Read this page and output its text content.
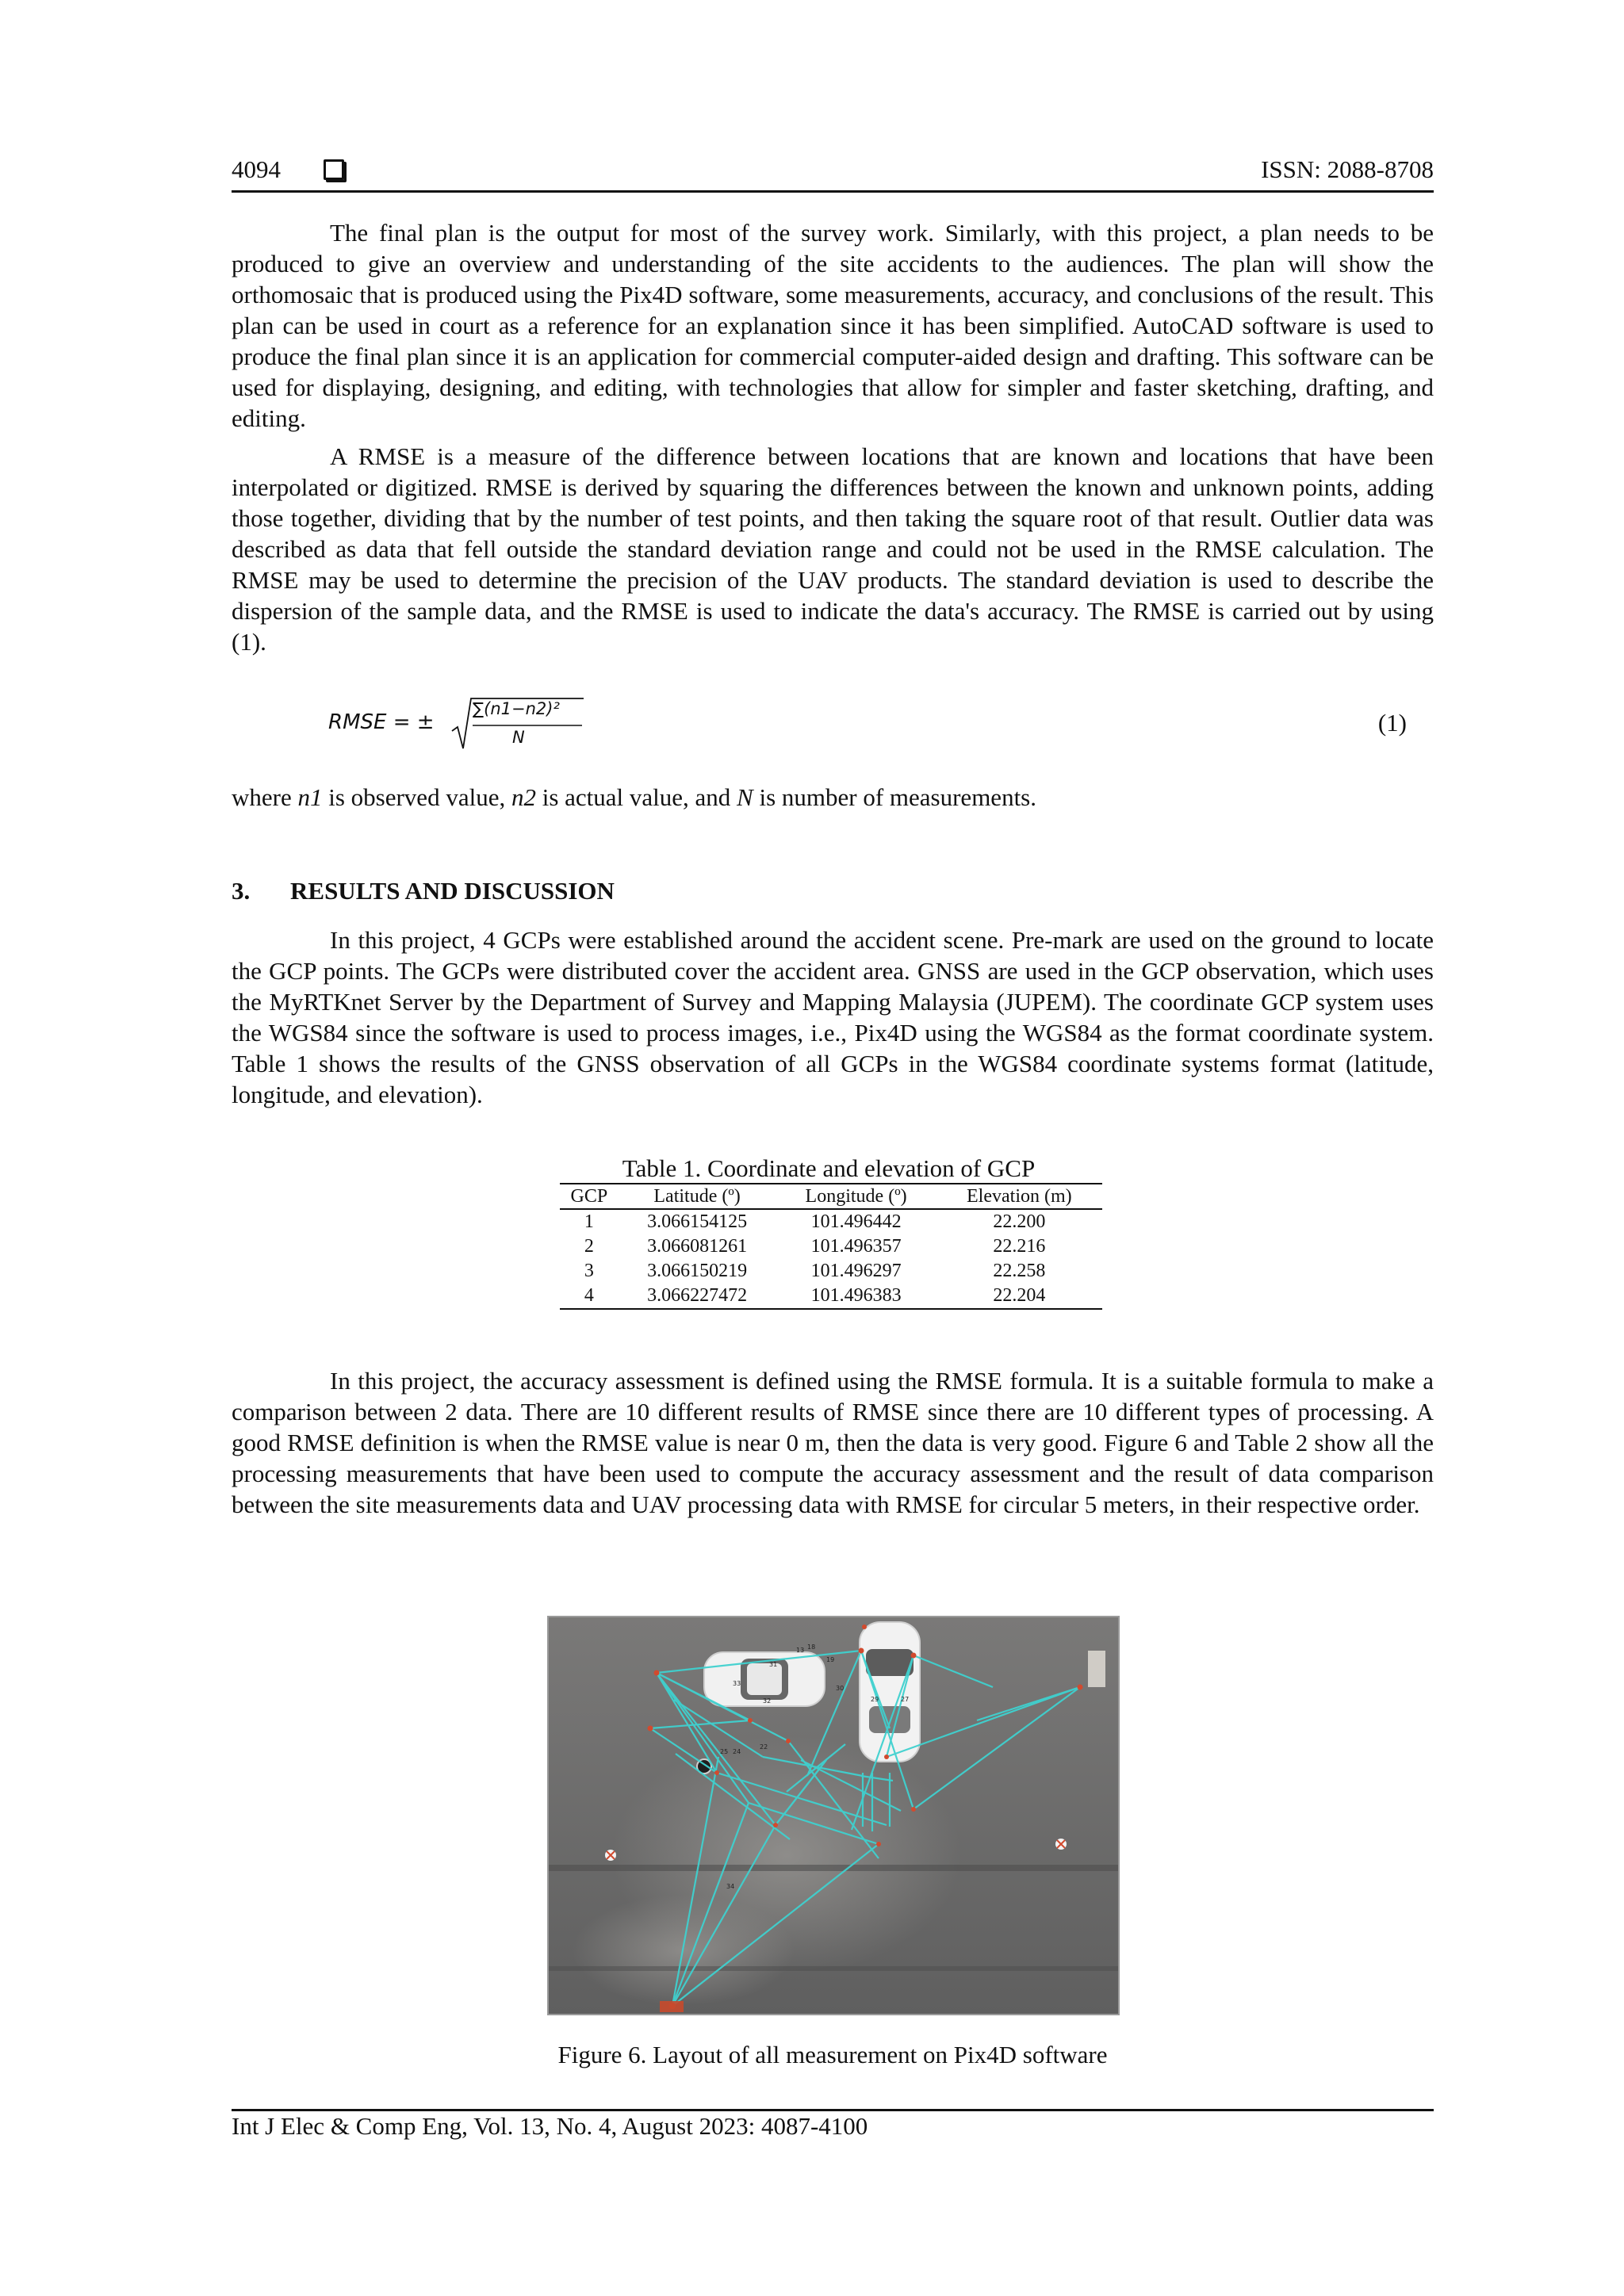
4094	ISSN: 2088-8708

The final plan is the output for most of the survey work. Similarly, with this project, a plan needs to be produced to give an overview and understanding of the site accidents to the audiences. The plan will show the orthomosaic that is produced using the Pix4D software, some measurements, accuracy, and conclusions of the result. This plan can be used in court as a reference for an explanation since it has been simplified. AutoCAD software is used to produce the final plan since it is an application for commercial computer-aided design and drafting. This software can be used for displaying, designing, and editing, with technologies that allow for simpler and faster sketching, drafting, and editing.

A RMSE is a measure of the difference between locations that are known and locations that have been interpolated or digitized. RMSE is derived by squaring the differences between the known and unknown points, adding those together, dividing that by the number of test points, and then taking the square root of that result. Outlier data was described as data that fell outside the standard deviation range and could not be used in the RMSE calculation. The RMSE may be used to determine the precision of the UAV products. The standard deviation is used to describe the dispersion of the sample data, and the RMSE is used to indicate the data's accuracy. The RMSE is carried out by using (1).

RMSE = ±
∑(n1−n2)²
N
(1)

where n1 is observed value, n2 is actual value, and N is number of measurements.

3. RESULTS AND DISCUSSION

In this project, 4 GCPs were established around the accident scene. Pre-mark are used on the ground to locate the GCP points. The GCPs were distributed cover the accident area. GNSS are used in the GCP observation, which uses the MyRTKnet Server by the Department of Survey and Mapping Malaysia (JUPEM). The coordinate GCP system uses the WGS84 since the software is used to process images, i.e., Pix4D using the WGS84 as the format coordinate system. Table 1 shows the results of the GNSS observation of all GCPs in the WGS84 coordinate systems format (latitude, longitude, and elevation).

Table 1. Coordinate and elevation of GCP
GCP	Latitude (º)	Longitude (º)	Elevation (m)
1	3.066154125	101.496442	22.200
2	3.066081261	101.496357	22.216
3	3.066150219	101.496297	22.258
4	3.066227472	101.496383	22.204

In this project, the accuracy assessment is defined using the RMSE formula. It is a suitable formula to make a comparison between 2 data. There are 10 different results of RMSE since there are 10 different types of processing. A good RMSE definition is when the RMSE value is near 0 m, then the data is very good. Figure 6 and Table 2 show all the processing measurements that have been used to compute the accuracy assessment and the result of data comparison between the site measurements data and UAV processing data with RMSE for circular 5 meters, in their respective order.

31
33
32
30
29	27
25 24
22
34
18
13
19
Figure 6. Layout of all measurement on Pix4D software
Int J Elec & Comp Eng, Vol. 13, No. 4, August 2023: 4087-4100
